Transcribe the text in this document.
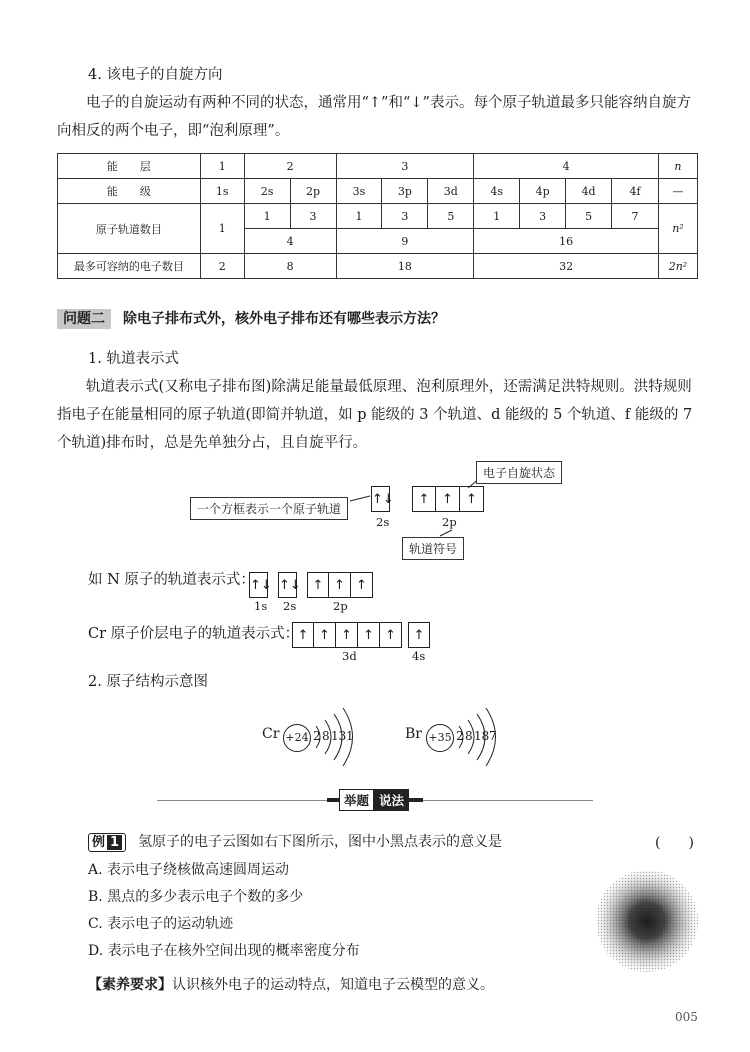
4. 该电子的自旋方向
电子的自旋运动有两种不同的状态，通常用“↑”和“↓”表示。每个原子轨道最多只能容纳自旋方向相反的两个电子，即“泡利原理”。
能　　层	1	2		3			4				n
能　　级	1s	2s	2p	3s	3p	3d	4s	4p	4d	4f	—
原子轨道数目	1	1	3	1	3	5	1	3	5	7	n²
		4		9			16				
最多可容纳的电子数目	2	8		18			32				2n²
问题二 除电子排布式外，核外电子排布还有哪些表示方法？
1. 轨道表示式
轨道表示式(又称电子排布图)除满足能量最低原理、泡利原理外，还需满足洪特规则。洪特规则指电子在能量相同的原子轨道(即简并轨道，如 p 能级的 3 个轨道、d 能级的 5 个轨道、f 能级的 7 个轨道)排布时，总是先单独分占，且自旋平行。
一个方框表示一个原子轨道
电子自旋状态
轨道符号
↑↓
2s
↑ ↑	↑
2p
如 N 原子的轨道表示式：
↑↓ ↑↓ ↑ ↑ ↑
1s 2s	2p
Cr 原子价层电子的轨道表示式：
↑ ↑ ↑ ↑ ↑	↑
3d	4s
2. 原子结构示意图
Cr +24 2 8 13 1	Br +35 2 8 18 7
举题 说法
例 1	氢原子的电子云图如右下图所示，图中小黑点表示的意义是	(　　)
A. 表示电子绕核做高速圆周运动
B. 黑点的多少表示电子个数的多少
C. 表示电子的运动轨迹
D. 表示电子在核外空间出现的概率密度分布
【素养要求】认识核外电子的运动特点，知道电子云模型的意义。
005
